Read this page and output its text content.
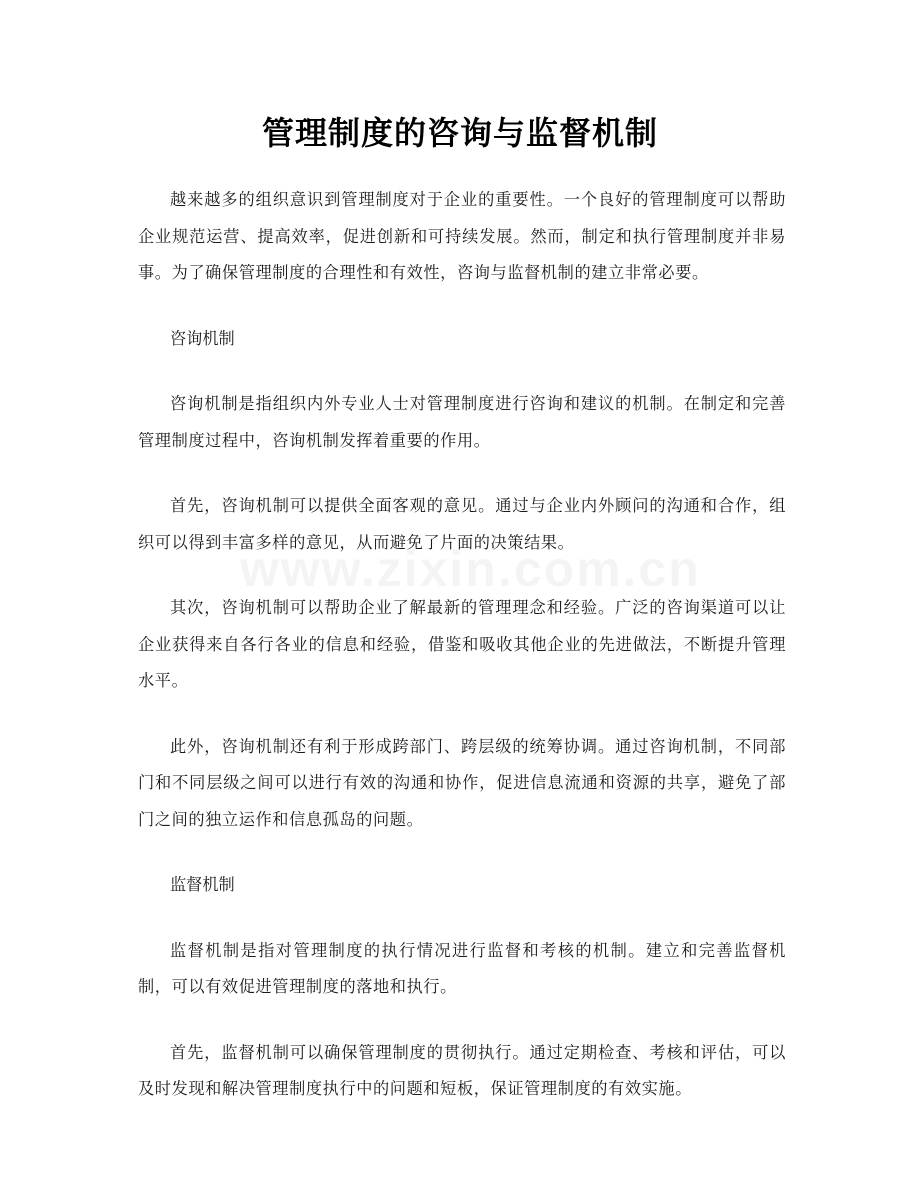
管理制度的咨询与监督机制

越来越多的组织意识到管理制度对于企业的重要性。一个良好的管理制度可以帮助企业规范运营、提高效率，促进创新和可持续发展。然而，制定和执行管理制度并非易事。为了确保管理制度的合理性和有效性，咨询与监督机制的建立非常必要。

咨询机制

咨询机制是指组织内外专业人士对管理制度进行咨询和建议的机制。在制定和完善管理制度过程中，咨询机制发挥着重要的作用。

首先，咨询机制可以提供全面客观的意见。通过与企业内外顾问的沟通和合作，组织可以得到丰富多样的意见，从而避免了片面的决策结果。

其次，咨询机制可以帮助企业了解最新的管理理念和经验。广泛的咨询渠道可以让企业获得来自各行各业的信息和经验，借鉴和吸收其他企业的先进做法，不断提升管理水平。

此外，咨询机制还有利于形成跨部门、跨层级的统筹协调。通过咨询机制，不同部门和不同层级之间可以进行有效的沟通和协作，促进信息流通和资源的共享，避免了部门之间的独立运作和信息孤岛的问题。

监督机制

监督机制是指对管理制度的执行情况进行监督和考核的机制。建立和完善监督机制，可以有效促进管理制度的落地和执行。

首先，监督机制可以确保管理制度的贯彻执行。通过定期检查、考核和评估，可以及时发现和解决管理制度执行中的问题和短板，保证管理制度的有效实施。
